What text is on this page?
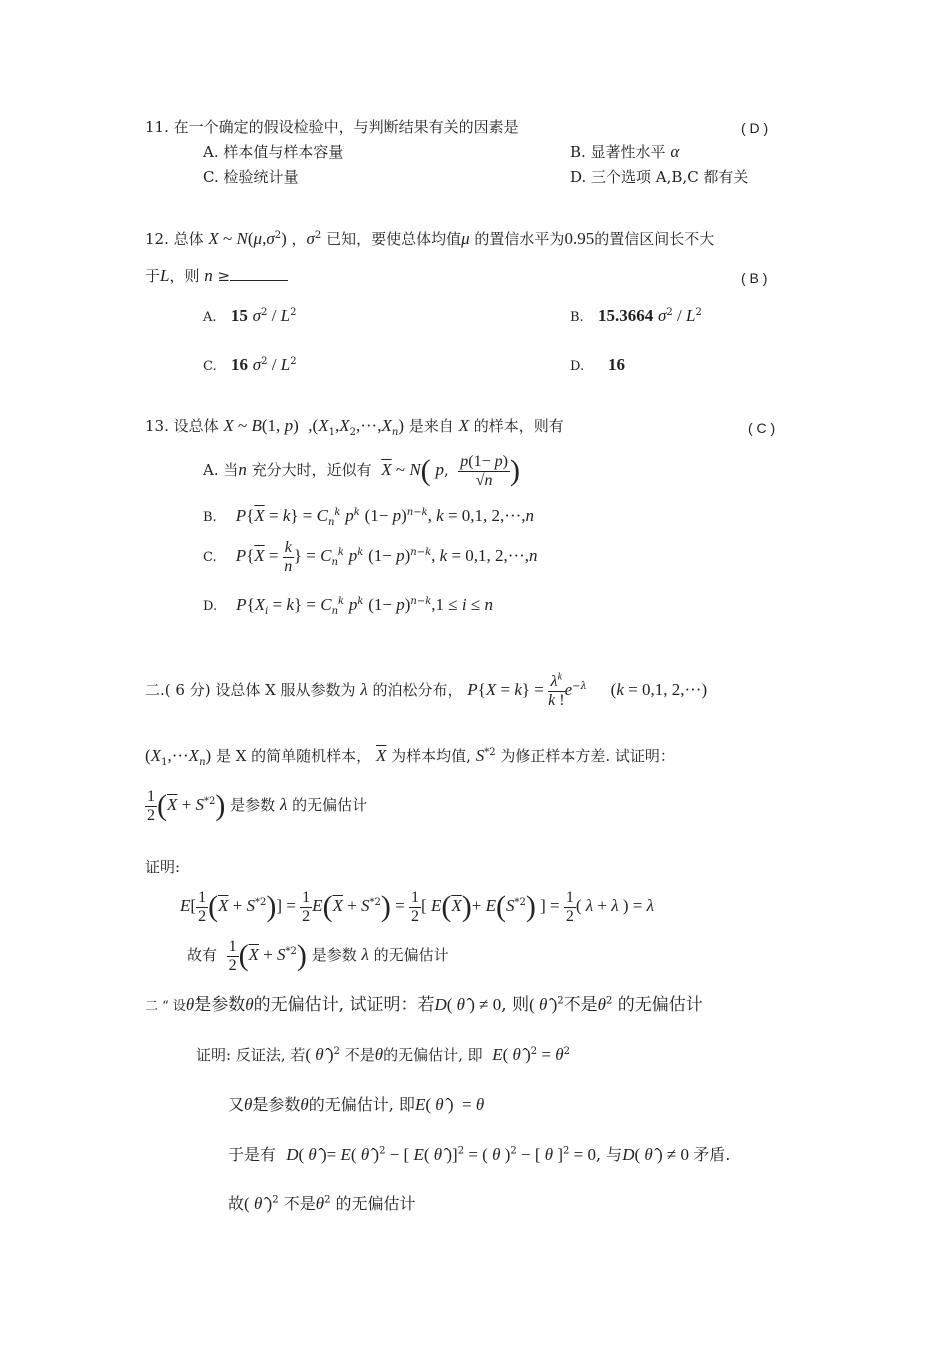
11. 在一个确定的假设检验中，与判断结果有关的因素是	( D )
A. 样本值与样本容量	B. 显著性水平 α
C. 检验统计量	D. 三个选项 A,B,C 都有关
12. 总体 X ~ $N(\mu,\sigma^2)$ ，$\sigma^2$ 已知，要使总体均值μ 的置信水平为0.95的置信区间长不大
于L，则 n ≥	( B )
A. 15 $\sigma^2 / L^2$	B. 15.3664 $\sigma^2 / L^2$
C. 16 $\sigma^2 / L^2$	D. 16
13. 设总体 X ~ B(1, p) $,(X_1,X_2,\cdot\cdot\cdot,X_n)$ 是来自 X 的样本，则有	( C )
A. 当n 充分大时，近似有 $\overline{X}$ ~ N( p, $\frac{p(1- p)}{√n}$ )
B. $P\{\overline{X} = k\} = C_n^k$ $p^k$ $(1- p)^{n-k}$, k = 0,1, 2,···,n
C. $P\{\overline{X} = \frac{k}{n}$ } = $C_n^k$ $p^k$ $(1- p)^{n-k}$, k = 0,1, 2,···,n
D. $P\{X_i = k\} = C_n^k$ $p^k$ $(1- p)^{n-k},1 \le i \le n$
二.( 6 分) 设总体 X 服从参数为 λ 的泊松分布， $P\{X = k\} = \frac{\lambda^k}{k !} e^{-\lambda}$ (k = 0,1, 2,···)
$(X_1,\cdot\cdot\cdot X_n)$ 是 X 的简单随机样本， $\overline{X}$ 为样本均值, $S^{*2}$ 为修正样本方差. 试证明：
$\frac{1}{2} (\overline{X} + S^{*2})$ 是参数 λ 的无偏估计
证明:
$E[ \frac{1}{2} (\overline{X} + S^{*2})] = \frac{1}{2} E(\overline{X} + S^{*2}) = \frac{1}{2}$ [ $E(\overline{X})+ E(S^{*2})$ ] = $\frac{1}{2}$ ( λ + λ ) = λ
故有 $\frac{1}{2} (\overline{X} + S^{*2})$ 是参数 λ 的无偏估计
二 “ 设θ̂是参数θ的无偏估计, 试证明：若D( θ̂ ) ≠ 0, 则( θ̂ )$^2$不是$\theta^2$ 的无偏估计
证明: 反证法, 若( θ̂ )$^2$ 不是θ的无偏估计, 即 E( θ̂ )$^2 = \theta^2$
又θ̂是参数θ的无偏估计, 即E( θ̂ )  = θ
于是有 D( θ̂ )= E( θ̂ )$^2$ − [ E( θ̂ )]$^2$ = ( θ )$^2$ − [ θ ]$^2$ = 0, 与D( θ̂ ) ≠ 0 矛盾.
故( θ̂ )$^2$ 不是$\theta^2$ 的无偏估计
